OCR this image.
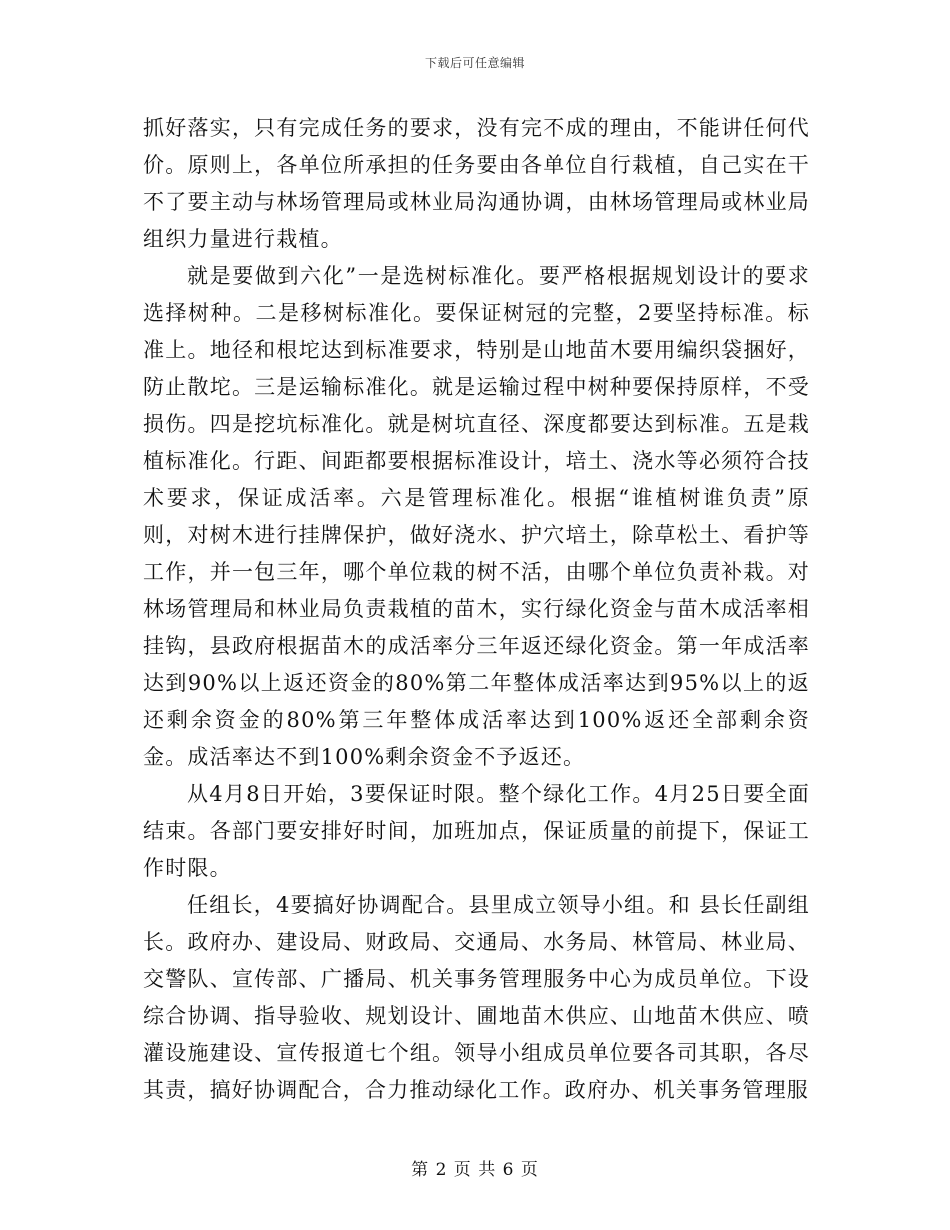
下载后可任意编辑

抓好落实，只有完成任务的要求，没有完不成的理由，不能讲任何代价。原则上，各单位所承担的任务要由各单位自行栽植，自己实在干不了要主动与林场管理局或林业局沟通协调，由林场管理局或林业局组织力量进行栽植。

就是要做到六化”一是选树标准化。要严格根据规划设计的要求选择树种。二是移树标准化。要保证树冠的完整，2要坚持标准。标准上。地径和根坨达到标准要求，特别是山地苗木要用编织袋捆好，防止散坨。三是运输标准化。就是运输过程中树种要保持原样，不受损伤。四是挖坑标准化。就是树坑直径、深度都要达到标准。五是栽植标准化。行距、间距都要根据标准设计，培土、浇水等必须符合技术要求，保证成活率。六是管理标准化。根据“谁植树谁负责”原则，对树木进行挂牌保护，做好浇水、护穴培土，除草松土、看护等工作，并一包三年，哪个单位栽的树不活，由哪个单位负责补栽。对林场管理局和林业局负责栽植的苗木，实行绿化资金与苗木成活率相挂钩，县政府根据苗木的成活率分三年返还绿化资金。第一年成活率达到90%以上返还资金的80%第二年整体成活率达到95%以上的返还剩余资金的80%第三年整体成活率达到100%返还全部剩余资金。成活率达不到100%剩余资金不予返还。

从4月8日开始，3要保证时限。整个绿化工作。4月25日要全面结束。各部门要安排好时间，加班加点，保证质量的前提下，保证工作时限。

任组长，4要搞好协调配合。县里成立领导小组。和 县长任副组长。政府办、建设局、财政局、交通局、水务局、林管局、林业局、交警队、宣传部、广播局、机关事务管理服务中心为成员单位。下设综合协调、指导验收、规划设计、圃地苗木供应、山地苗木供应、喷灌设施建设、宣传报道七个组。领导小组成员单位要各司其职，各尽其责，搞好协调配合，合力推动绿化工作。政府办、机关事务管理服

第 2 页 共 6 页
